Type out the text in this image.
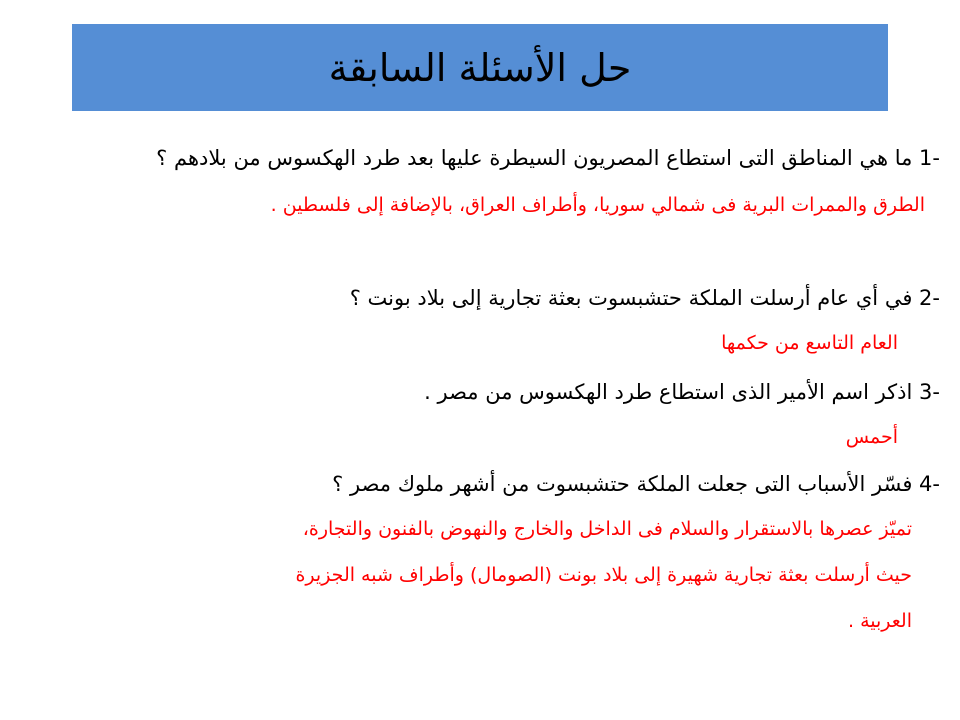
حل الأسئلة السابقة
1- ما هي المناطق التى استطاع المصريون السيطرة عليها بعد طرد الهكسوس من بلادهم ؟
الطرق والممرات البرية فى شمالي سوريا، وأطراف العراق، بالإضافة إلى فلسطين .
2- في أي عام أرسلت الملكة حتشبسوت بعثة تجارية إلى بلاد بونت ؟
العام التاسع من حكمها
3- اذكر اسم الأمير الذى استطاع طرد الهكسوس من مصر .
أحمس
4- فسّر الأسباب التى جعلت الملكة حتشبسوت من أشهر ملوك مصر ؟
تميّز عصرها بالاستقرار والسلام فى الداخل والخارج والنهوض بالفنون والتجارة،
حيث أرسلت بعثة تجارية شهيرة إلى بلاد بونت (الصومال) وأطراف شبه الجزيرة
العربية .
